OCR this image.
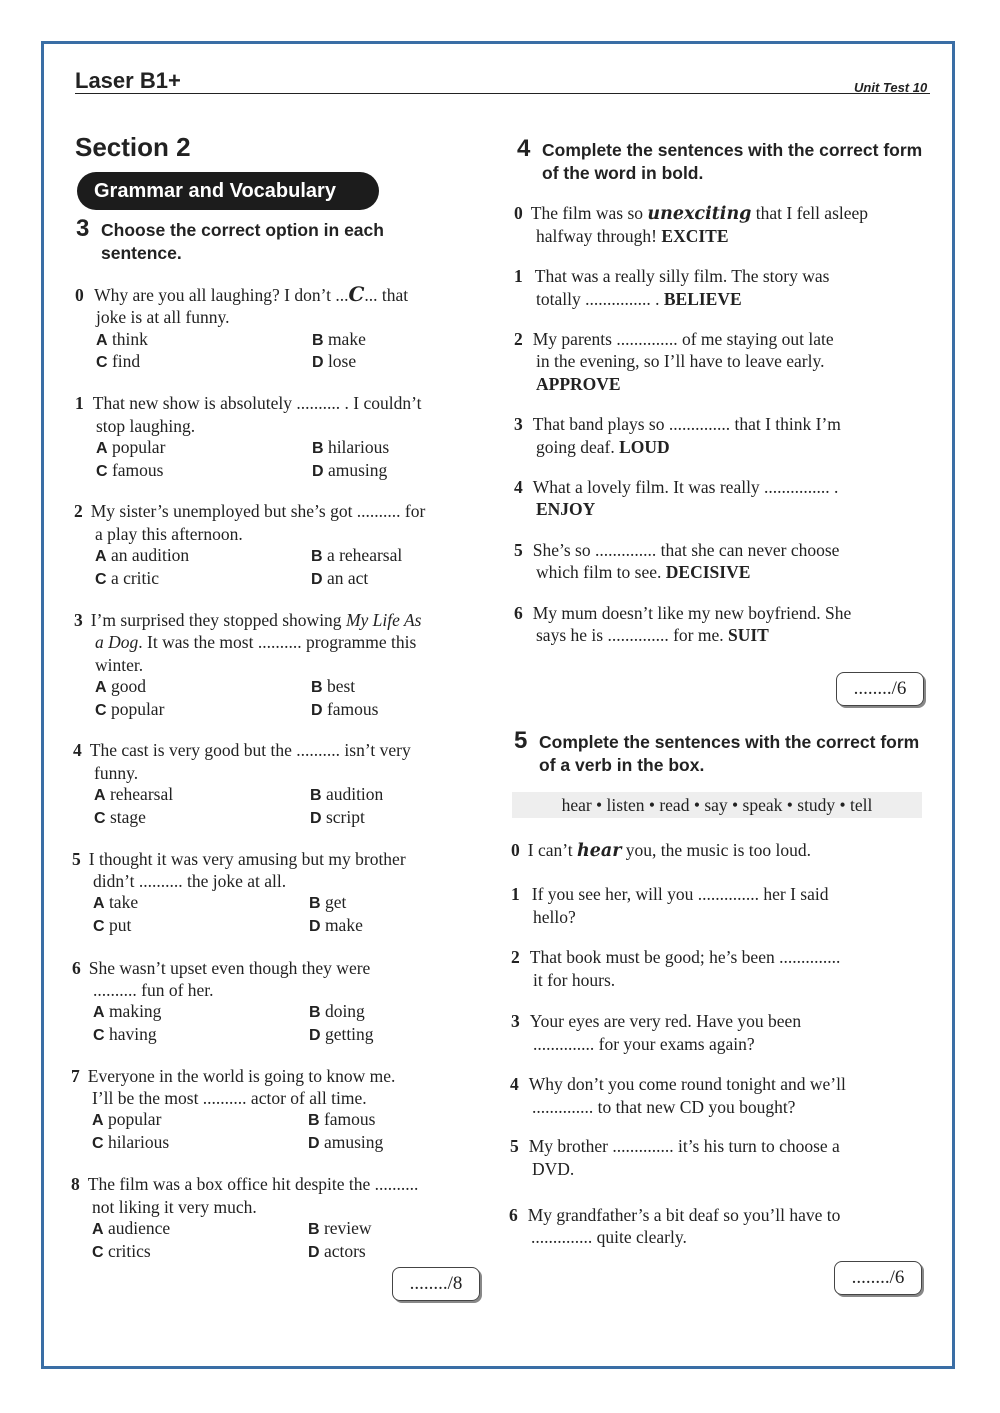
Laser B1+	Unit Test 10
Section 2
Grammar and Vocabulary
3 Choose the correct option in each sentence.
0 Why are you all laughing? I don’t ...C... that
joke is at all funny.
A think	B make
C find	D lose
1 That new show is absolutely .......... . I couldn’t
stop laughing.
A popular	B hilarious
C famous	D amusing
2 My sister’s unemployed but she’s got .......... for
a play this afternoon.
A an audition	B a rehearsal
C a critic	D an act
3 I’m surprised they stopped showing My Life As
a Dog. It was the most .......... programme this
winter.
A good	B best
C popular	D famous
4 The cast is very good but the .......... isn’t very
funny.
A rehearsal	B audition
C stage	D script
5 I thought it was very amusing but my brother
didn’t .......... the joke at all.
A take	B get
C put	D make
6 She wasn’t upset even though they were
.......... fun of her.
A making	B doing
C having	D getting
7 Everyone in the world is going to know me.
I’ll be the most .......... actor of all time.
A popular	B famous
C hilarious	D amusing
8 The film was a box office hit despite the ..........
not liking it very much.
A audience	B review
C critics	D actors
......../8
4 Complete the sentences with the correct form of the word in bold.
0 The film was so unexciting that I fell asleep
halfway through! EXCITE
1 That was a really silly film. The story was
totally ............... . BELIEVE
2 My parents .............. of me staying out late
in the evening, so I’ll have to leave early.
APPROVE
3 That band plays so .............. that I think I’m
going deaf. LOUD
4 What a lovely film. It was really ............... .
ENJOY
5 She’s so .............. that she can never choose
which film to see. DECISIVE
6 My mum doesn’t like my new boyfriend. She
says he is .............. for me. SUIT
......../6
5 Complete the sentences with the correct form of a verb in the box.
hear • listen • read • say • speak • study • tell
0 I can’t hear you, the music is too loud.
1 If you see her, will you .............. her I said
hello?
2 That book must be good; he’s been ..............
it for hours.
3 Your eyes are very red. Have you been
.............. for your exams again?
4 Why don’t you come round tonight and we’ll
.............. to that new CD you bought?
5 My brother .............. it’s his turn to choose a
DVD.
6 My grandfather’s a bit deaf so you’ll have to
.............. quite clearly.
......../6
